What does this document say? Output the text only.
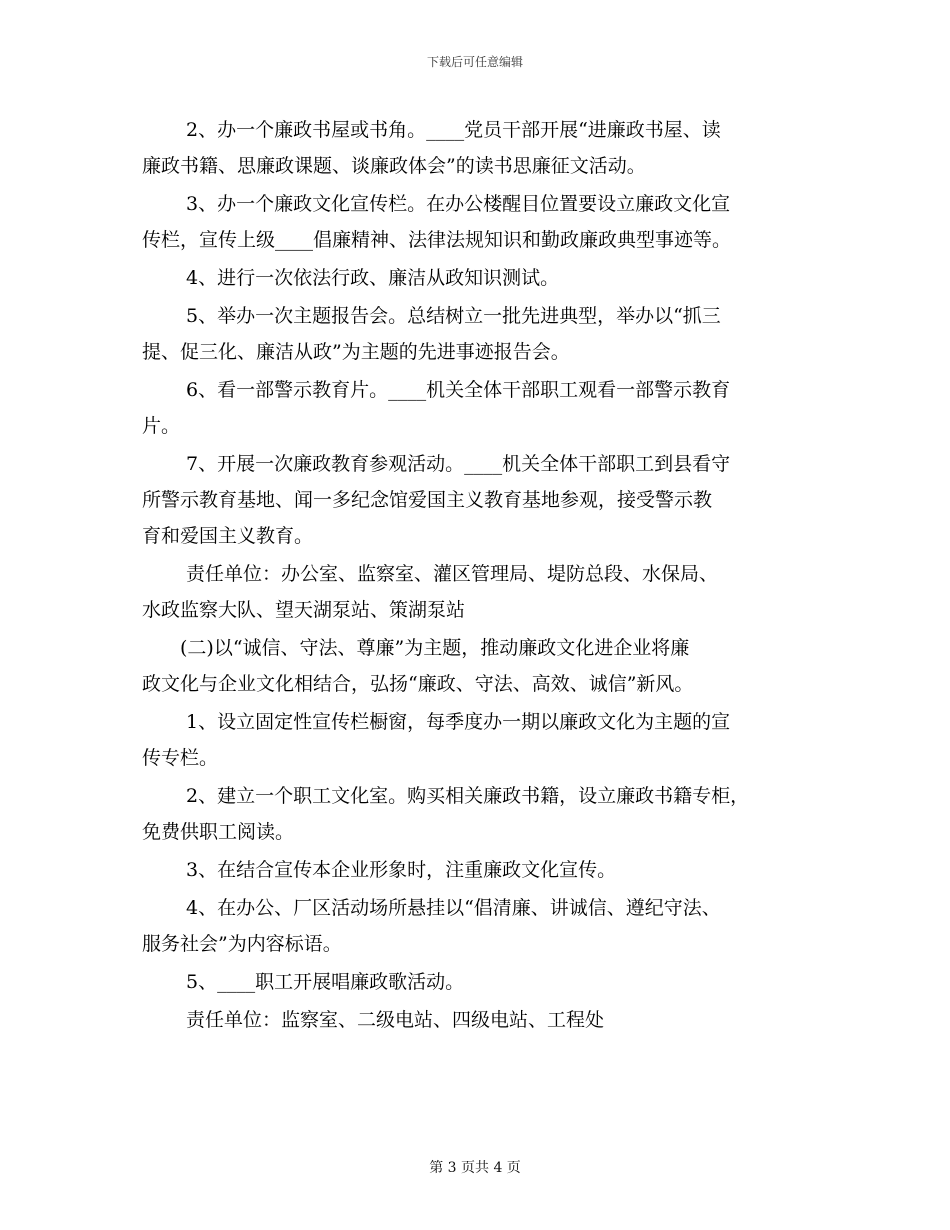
下载后可任意编辑
2、办一个廉政书屋或书角。____党员干部开展“进廉政书屋、读
廉政书籍、思廉政课题、谈廉政体会”的读书思廉征文活动。
3、办一个廉政文化宣传栏。在办公楼醒目位置要设立廉政文化宣
传栏，宣传上级____倡廉精神、法律法规知识和勤政廉政典型事迹等。
4、进行一次依法行政、廉洁从政知识测试。
5、举办一次主题报告会。总结树立一批先进典型，举办以“抓三
提、促三化、廉洁从政”为主题的先进事迹报告会。
6、看一部警示教育片。____机关全体干部职工观看一部警示教育
片。
7、开展一次廉政教育参观活动。____机关全体干部职工到县看守
所警示教育基地、闻一多纪念馆爱国主义教育基地参观，接受警示教
育和爱国主义教育。
责任单位：办公室、监察室、灌区管理局、堤防总段、水保局、
水政监察大队、望天湖泵站、策湖泵站
(二)以“诚信、守法、尊廉”为主题，推动廉政文化进企业将廉
政文化与企业文化相结合，弘扬“廉政、守法、高效、诚信”新风。
1、设立固定性宣传栏橱窗，每季度办一期以廉政文化为主题的宣
传专栏。
2、建立一个职工文化室。购买相关廉政书籍，设立廉政书籍专柜，
免费供职工阅读。
3、在结合宣传本企业形象时，注重廉政文化宣传。
4、在办公、厂区活动场所悬挂以“倡清廉、讲诚信、遵纪守法、
服务社会”为内容标语。
5、____职工开展唱廉政歌活动。
责任单位：监察室、二级电站、四级电站、工程处
第 3 页共 4 页
